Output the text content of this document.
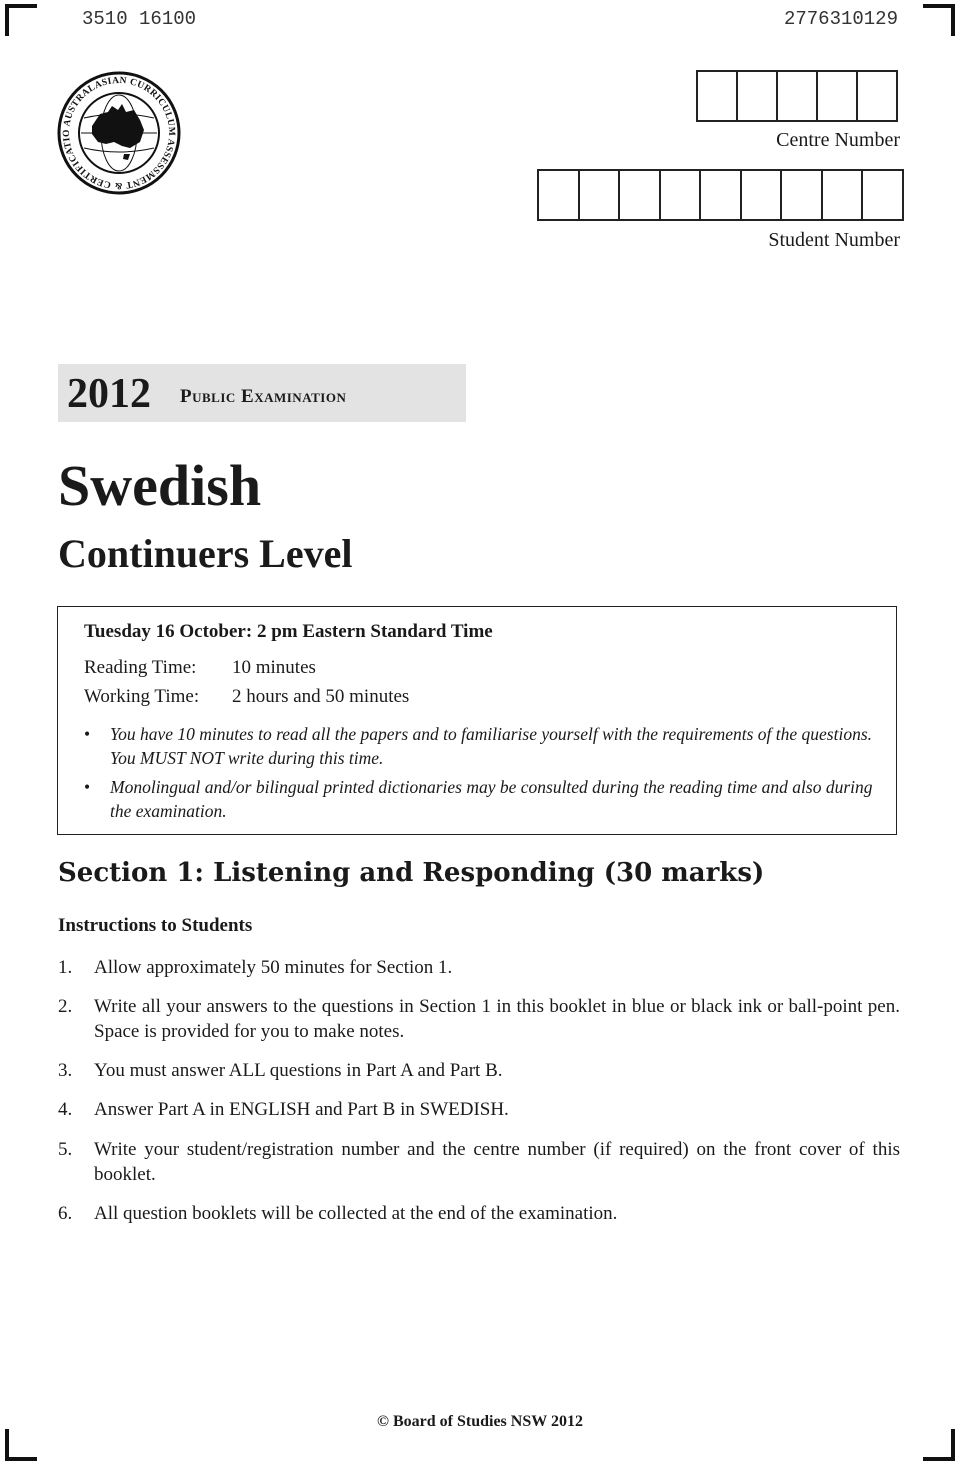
3510 16100	2776310129
AUSTRALASIAN CURRICULUM ASSESSMENT & CERTIFICATIO	Centre Number
Student Number
2012 Public Examination
Swedish
Continuers Level
Tuesday 16 October: 2 pm Eastern Standard Time
Reading Time: 10 minutes
Working Time: 2 hours and 50 minutes
• You have 10 minutes to read all the papers and to familiarise yourself with the requirements of the questions. You MUST NOT write during this time.
• Monolingual and/or bilingual printed dictionaries may be consulted during the reading time and also during the examination.
Section 1: Listening and Responding (30 marks)
Instructions to Students
1. Allow approximately 50 minutes for Section 1.
2. Write all your answers to the questions in Section 1 in this booklet in blue or black ink or ball-point pen. Space is provided for you to make notes.
3. You must answer ALL questions in Part A and Part B.
4. Answer Part A in ENGLISH and Part B in SWEDISH.
5. Write your student/registration number and the centre number (if required) on the front cover of this booklet.
6. All question booklets will be collected at the end of the examination.
© Board of Studies NSW 2012
